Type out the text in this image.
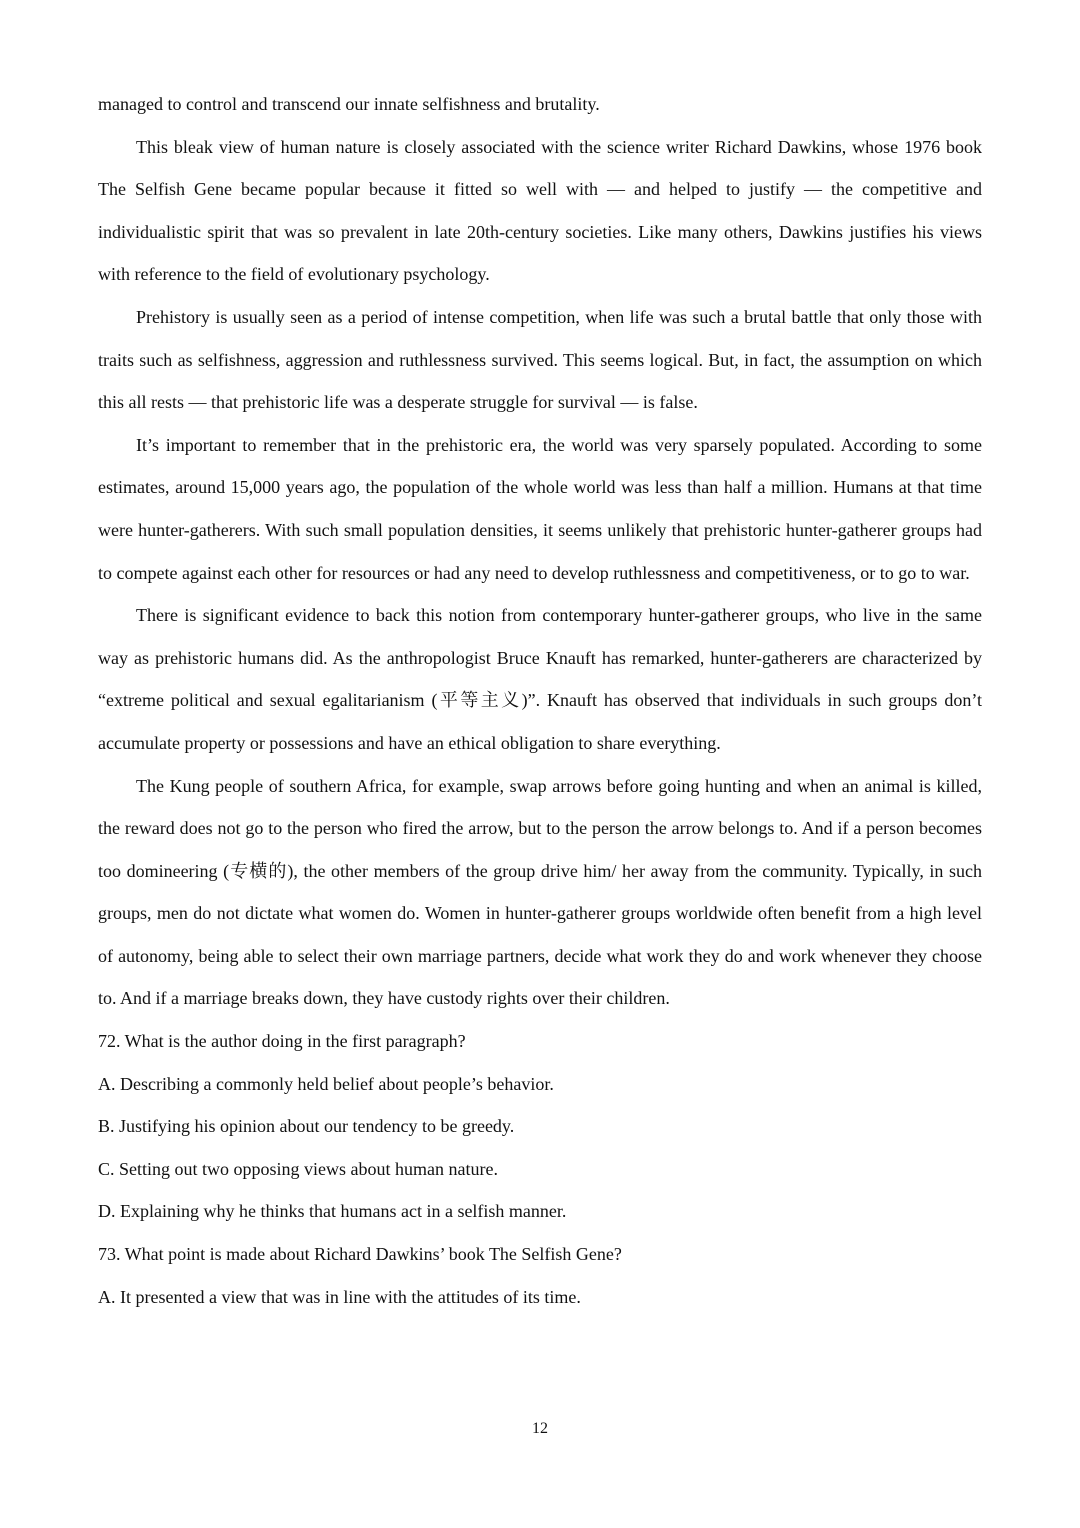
managed to control and transcend our innate selfishness and brutality.

This bleak view of human nature is closely associated with the science writer Richard Dawkins, whose 1976 book The Selfish Gene became popular because it fitted so well with — and helped to justify — the competitive and individualistic spirit that was so prevalent in late 20th-century societies. Like many others, Dawkins justifies his views with reference to the field of evolutionary psychology.

Prehistory is usually seen as a period of intense competition, when life was such a brutal battle that only those with traits such as selfishness, aggression and ruthlessness survived. This seems logical. But, in fact, the assumption on which this all rests — that prehistoric life was a desperate struggle for survival — is false.

It’s important to remember that in the prehistoric era, the world was very sparsely populated. According to some estimates, around 15,000 years ago, the population of the whole world was less than half a million. Humans at that time were hunter-gatherers. With such small population densities, it seems unlikely that prehistoric hunter-gatherer groups had to compete against each other for resources or had any need to develop ruthlessness and competitiveness, or to go to war.

There is significant evidence to back this notion from contemporary hunter-gatherer groups, who live in the same way as prehistoric humans did. As the anthropologist Bruce Knauft has remarked, hunter-gatherers are characterized by “extreme political and sexual egalitarianism (平等主义)”. Knauft has observed that individuals in such groups don’t accumulate property or possessions and have an ethical obligation to share everything.

The Kung people of southern Africa, for example, swap arrows before going hunting and when an animal is killed, the reward does not go to the person who fired the arrow, but to the person the arrow belongs to. And if a person becomes too domineering (专横的), the other members of the group drive him/ her away from the community. Typically, in such groups, men do not dictate what women do. Women in hunter-gatherer groups worldwide often benefit from a high level of autonomy, being able to select their own marriage partners, decide what work they do and work whenever they choose to. And if a marriage breaks down, they have custody rights over their children.

72. What is the author doing in the first paragraph?

A. Describing a commonly held belief about people’s behavior.

B. Justifying his opinion about our tendency to be greedy.

C. Setting out two opposing views about human nature.

D. Explaining why he thinks that humans act in a selfish manner.

73. What point is made about Richard Dawkins’ book The Selfish Gene?

A. It presented a view that was in line with the attitudes of its time.

12
